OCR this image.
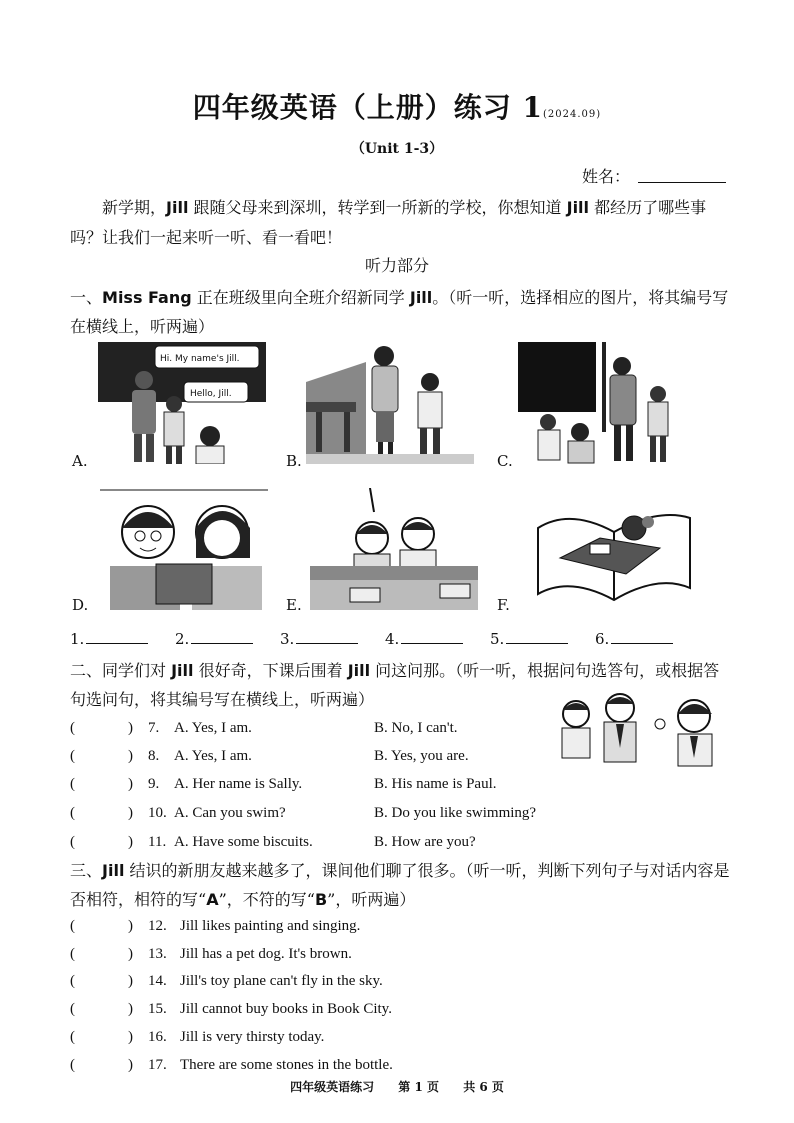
四年级英语（上册）练习 1(2024.09)
（Unit 1-3）
姓名：
新学期，Jill 跟随父母来到深圳，转学到一所新的学校，你想知道 Jill 都经历了哪些事吗？让我们一起来听一听、看一看吧！
听力部分
一、Miss Fang 正在班级里向全班介绍新同学 Jill。（听一听，选择相应的图片，将其编号写在横线上，听两遍）
A.
Hi. My name's Jill.
Hello, Jill.
B.	C.
D.	E.	F.
1.	2.	3.	4.	5.	6.
二、同学们对 Jill 很好奇，下课后围着 Jill 问这问那。（听一听，根据问句选答句，或根据答句选问句，将其编号写在横线上，听两遍）
(	) 7. A. Yes, I am.	B. No, I can't.
(	) 8. A. Yes, I am.	B. Yes, you are.
(	) 9. A. Her name is Sally.	B. His name is Paul.
(	) 10. A. Can you swim?	B. Do you like swimming?
(	) 11. A. Have some biscuits.	B. How are you?
三、Jill 结识的新朋友越来越多了，课间他们聊了很多。（听一听，判断下列句子与对话内容是否相符，相符的写“A”，不符的写“B”，听两遍）
(	) 12. Jill likes painting and singing.
(	) 13. Jill has a pet dog. It's brown.
(	) 14. Jill's toy plane can't fly in the sky.
(	) 15. Jill cannot buy books in Book City.
(	) 16. Jill is very thirsty today.
(	) 17. There are some stones in the bottle.
四年级英语练习 第 1 页 共 6 页
